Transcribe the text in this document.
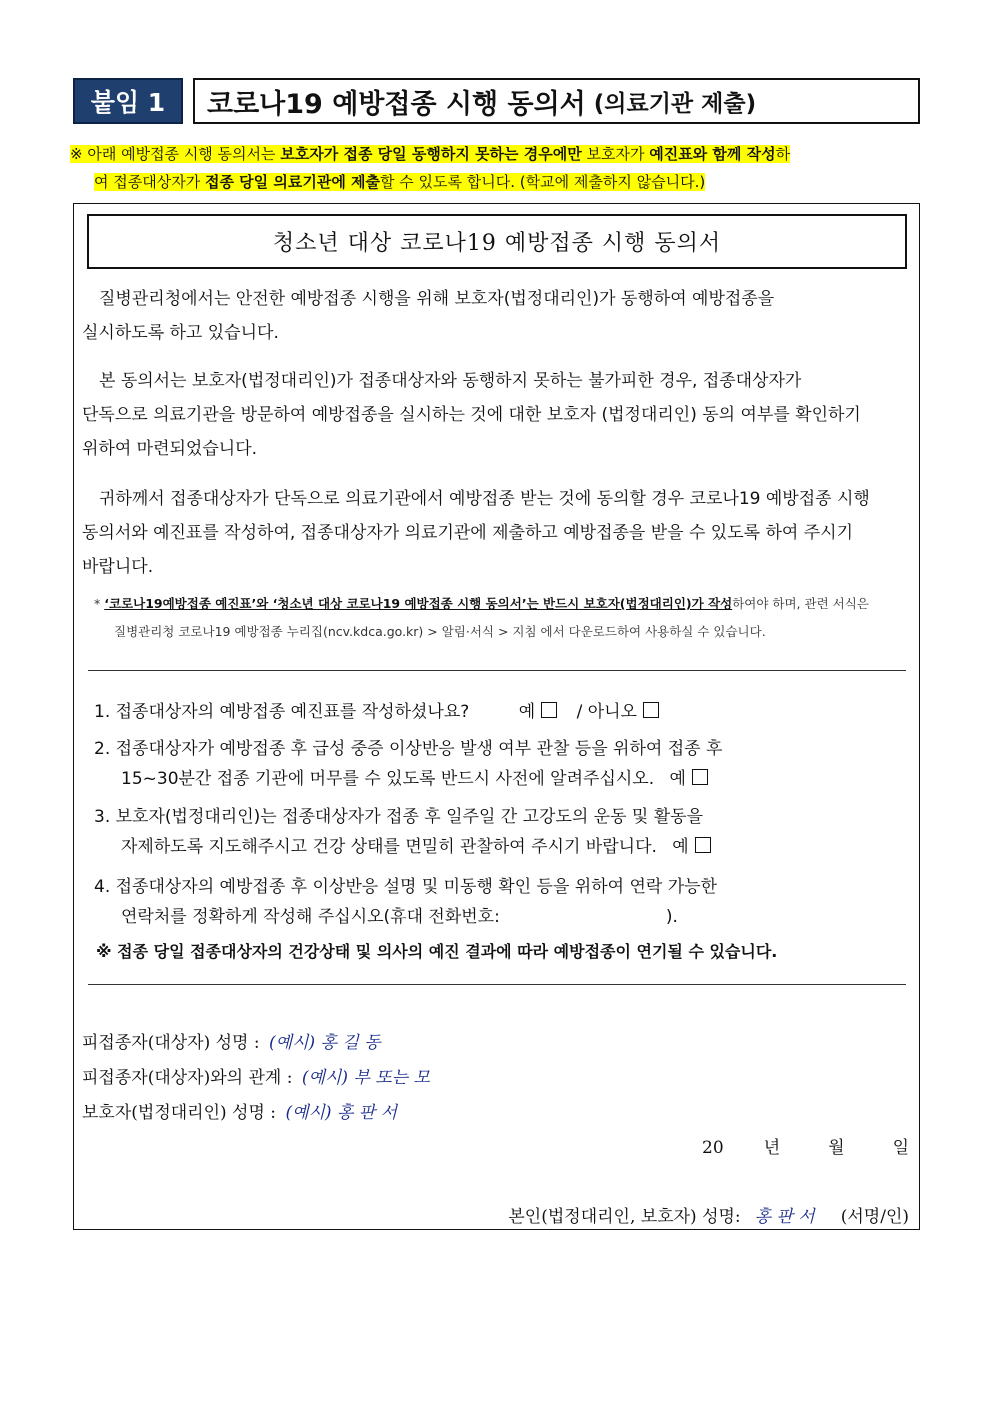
붙임 1	코로나19 예방접종 시행 동의서 (의료기관 제출)
※ 아래 예방접종 시행 동의서는 보호자가 접종 당일 동행하지 못하는 경우에만 보호자가 예진표와 함께 작성하
여 접종대상자가 접종 당일 의료기관에 제출할 수 있도록 합니다. (학교에 제출하지 않습니다.)
청소년 대상 코로나19 예방접종 시행 동의서
질병관리청에서는 안전한 예방접종 시행을 위해 보호자(법정대리인)가 동행하여 예방접종을
실시하도록 하고 있습니다.
본 동의서는 보호자(법정대리인)가 접종대상자와 동행하지 못하는 불가피한 경우, 접종대상자가
단독으로 의료기관을 방문하여 예방접종을 실시하는 것에 대한 보호자 (법정대리인) 동의 여부를 확인하기
위하여 마련되었습니다.
귀하께서 접종대상자가 단독으로 의료기관에서 예방접종 받는 것에 동의할 경우 코로나19 예방접종 시행
동의서와 예진표를 작성하여, 접종대상자가 의료기관에 제출하고 예방접종을 받을 수 있도록 하여 주시기
바랍니다.
* ‘코로나19예방접종 예진표’와 ‘청소년 대상 코로나19 예방접종 시행 동의서’는 반드시 보호자(법정대리인)가 작성하여야 하며, 관련 서식은
질병관리청 코로나19 예방접종 누리집(ncv.kdca.go.kr) > 알림·서식 > 지침 에서 다운로드하여 사용하실 수 있습니다.
1. 접종대상자의 예방접종 예진표를 작성하셨나요?	예 / 아니오
2. 접종대상자가 예방접종 후 급성 중증 이상반응 발생 여부 관찰 등을 위하여 접종 후
15~30분간 접종 기관에 머무를 수 있도록 반드시 사전에 알려주십시오. 예
3. 보호자(법정대리인)는 접종대상자가 접종 후 일주일 간 고강도의 운동 및 활동을
자제하도록 지도해주시고 건강 상태를 면밀히 관찰하여 주시기 바랍니다. 예
4. 접종대상자의 예방접종 후 이상반응 설명 및 미동행 확인 등을 위하여 연락 가능한
연락처를 정확하게 작성해 주십시오(휴대 전화번호:	).
※ 접종 당일 접종대상자의 건강상태 및 의사의 예진 결과에 따라 예방접종이 연기될 수 있습니다.
피접종자(대상자) 성명 : (예시) 홍 길 동
피접종자(대상자)와의 관계 : (예시) 부 또는 모
보호자(법정대리인) 성명 : (예시) 홍 판 서
20 년	월	일
본인(법정대리인, 보호자) 성명: 홍 판 서 (서명/인)
